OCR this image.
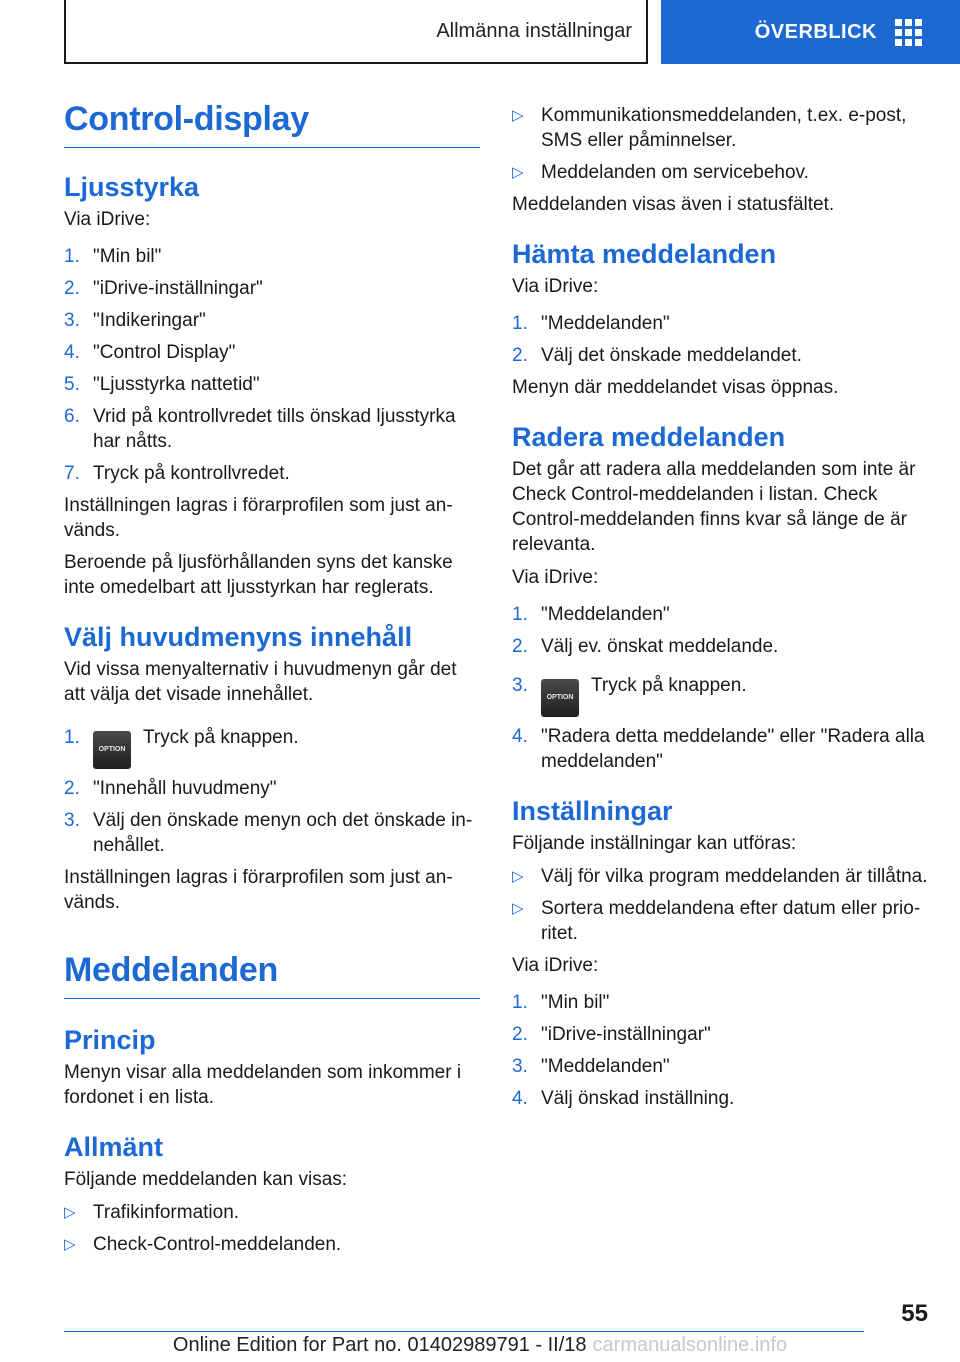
Allmänna inställningar	ÖVERBLICK
Control-display
Ljusstyrka

Via iDrive:

1. "Min bil"
2. "iDrive-inställningar"
3. "Indikeringar"
4. "Control Display"
5. "Ljusstyrka nattetid"
6. Vrid på kontrollvredet tills önskad ljusstyrka har nåtts.
7. Tryck på kontrollvredet.

Inställningen lagras i förarprofilen som just används.

Beroende på ljusförhållanden syns det kanske inte omedelbart att ljusstyrkan har reglerats.

Välj huvudmenyns innehåll

Vid vissa menyalternativ i huvudmenyn går det att välja det visade innehållet.

1.
OPTIONTryck på knappen.
2. "Innehåll huvudmeny"
3. Välj den önskade menyn och det önskade innehållet.

Inställningen lagras i förarprofilen som just används.

Meddelanden
Princip

Menyn visar alla meddelanden som inkommer i fordonet i en lista.

Allmänt

Följande meddelanden kan visas:

▷ Trafikinformation.
▷ Check-Control-meddelanden.
▷ Kommunikationsmeddelanden, t.ex. e-post, SMS eller påminnelser.
▷ Meddelanden om servicebehov.

Meddelanden visas även i statusfältet.

Hämta meddelanden

Via iDrive:

1. "Meddelanden"
2. Välj det önskade meddelandet.

Menyn där meddelandet visas öppnas.

Radera meddelanden

Det går att radera alla meddelanden som inte är Check Control-meddelanden i listan. Check Control-meddelanden finns kvar så länge de är relevanta.

Via iDrive:

1. "Meddelanden"
2. Välj ev. önskat meddelande.
3.
OPTIONTryck på knappen.
4. "Radera detta meddelande" eller "Radera alla meddelanden"
Inställningar

Följande inställningar kan utföras:

▷ Välj för vilka program meddelanden är tillåtna.
▷ Sortera meddelandena efter datum eller prioritet.

Via iDrive:

1. "Min bil"
2. "iDrive-inställningar"
3. "Meddelanden"
4. Välj önskad inställning.
55
Online Edition for Part no. 01402989791 - II/18 carmanualsonline.info
